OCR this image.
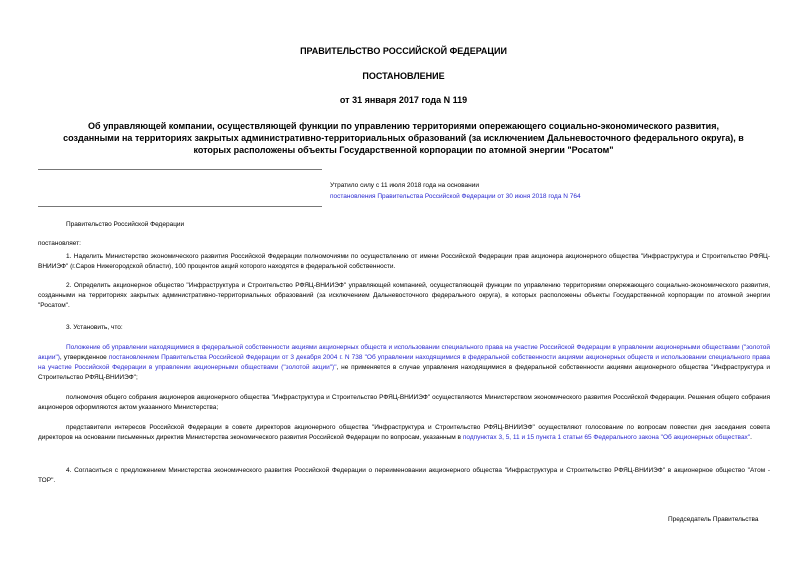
ПРАВИТЕЛЬСТВО РОССИЙСКОЙ ФЕДЕРАЦИИ
ПОСТАНОВЛЕНИЕ
от 31 января 2017 года N 119
Об управляющей компании, осуществляющей функции по управлению территориями опережающего социально-экономического развития, созданными на территориях закрытых административно-территориальных образований (за исключением Дальневосточного федерального округа), в которых расположены объекты Государственной корпорации по атомной энергии "Росатом"
Утратило силу с 11 июля 2018 года на основании
постановления Правительства Российской Федерации от 30 июня 2018 года N 764
Правительство Российской Федерации
постановляет:
1. Наделить Министерство экономического развития Российской Федерации полномочиями по осуществлению от имени Российской Федерации прав акционера акционерного общества "Инфраструктура и Строительство РФЯЦ-ВНИИЭФ" (г.Саров Нижегородской области), 100 процентов акций которого находятся в федеральной собственности.
2. Определить акционерное общество "Инфраструктура и Строительство РФЯЦ-ВНИИЭФ" управляющей компанией, осуществляющей функции по управлению территориями опережающего социально-экономического развития, созданными на территориях закрытых административно-территориальных образований (за исключением Дальневосточного федерального округа), в которых расположены объекты Государственной корпорации по атомной энергии "Росатом".
3. Установить, что:
Положение об управлении находящимися в федеральной собственности акциями акционерных обществ и использовании специального права на участие Российской Федерации в управлении акционерными обществами ("золотой акции"), утвержденное постановлением Правительства Российской Федерации от 3 декабря 2004 г. N 738 "Об управлении находящимися в федеральной собственности акциями акционерных обществ и использовании специального права на участие Российской Федерации в управлении акционерными обществами ("золотой акции")", не применяется в случае управления находящимися в федеральной собственности акциями акционерного общества "Инфраструктура и Строительство РФЯЦ-ВНИИЭФ";
полномочия общего собрания акционеров акционерного общества "Инфраструктура и Строительство РФЯЦ-ВНИИЭФ" осуществляются Министерством экономического развития Российской Федерации. Решения общего собрания акционеров оформляются актом указанного Министерства;
представители интересов Российской Федерации в совете директоров акционерного общества "Инфраструктура и Строительство РФЯЦ-ВНИИЭФ" осуществляют голосование по вопросам повестки дня заседания совета директоров на основании письменных директив Министерства экономического развития Российской Федерации по вопросам, указанным в подпунктах 3, 5, 11 и 15 пункта 1 статьи 65 Федерального закона "Об акционерных обществах".
4. Согласиться с предложением Министерства экономического развития Российской Федерации о переименовании акционерного общества "Инфраструктура и Строительство РФЯЦ-ВНИИЭФ" в акционерное общество "Атом - ТОР".
Председатель Правительства
